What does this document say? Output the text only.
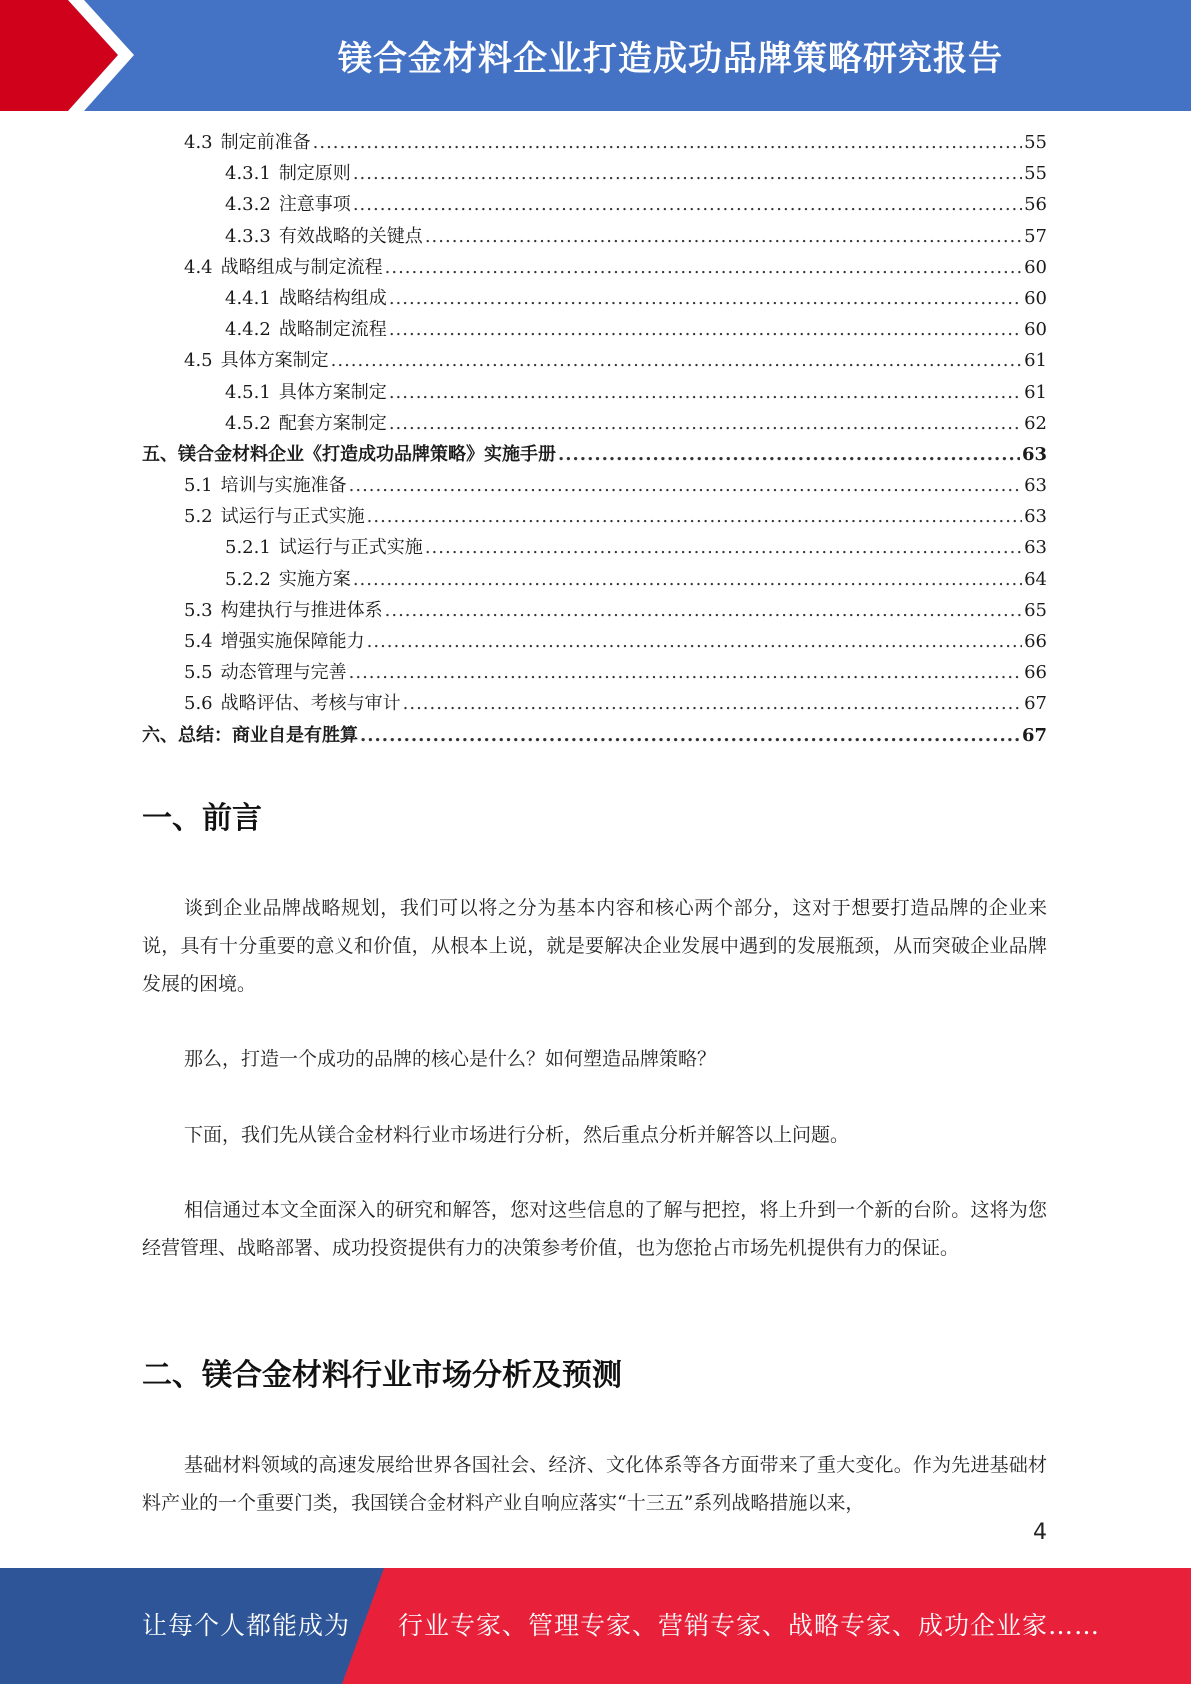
镁合金材料企业打造成功品牌策略研究报告
4.3 制定前准备 .....	55
4.3.1 制定原则 .....	55
4.3.2 注意事项 .....	56
4.3.3 有效战略的关键点 .....	57
4.4 战略组成与制定流程 .....	60
4.4.1 战略结构组成 .....	60
4.4.2 战略制定流程 .....	60
4.5 具体方案制定 .....	61
4.5.1 具体方案制定 .....	61
4.5.2 配套方案制定 .....	62
五、镁合金材料企业《打造成功品牌策略》实施手册 .....	63
5.1 培训与实施准备 .....	63
5.2 试运行与正式实施 .....	63
5.2.1 试运行与正式实施 .....	63
5.2.2 实施方案 .....	64
5.3 构建执行与推进体系 .....	65
5.4 增强实施保障能力 .....	66
5.5 动态管理与完善 .....	66
5.6 战略评估、考核与审计 .....	67
六、总结：商业自是有胜算 .....	67
一、前言

谈到企业品牌战略规划，我们可以将之分为基本内容和核心两个部分，这对于想要打造品牌的企业来说，具有十分重要的意义和价值，从根本上说，就是要解决企业发展中遇到的发展瓶颈，从而突破企业品牌发展的困境。

那么，打造一个成功的品牌的核心是什么？如何塑造品牌策略？

下面，我们先从镁合金材料行业市场进行分析，然后重点分析并解答以上问题。

相信通过本文全面深入的研究和解答，您对这些信息的了解与把控，将上升到一个新的台阶。这将为您经营管理、战略部署、成功投资提供有力的决策参考价值，也为您抢占市场先机提供有力的保证。

二、镁合金材料行业市场分析及预测

基础材料领域的高速发展给世界各国社会、经济、文化体系等各方面带来了重大变化。作为先进基础材料产业的一个重要门类，我国镁合金材料产业自响应落实“十三五”系列战略措施以来，

4
让每个人都能成为 行业专家、管理专家、营销专家、战略专家、成功企业家……
